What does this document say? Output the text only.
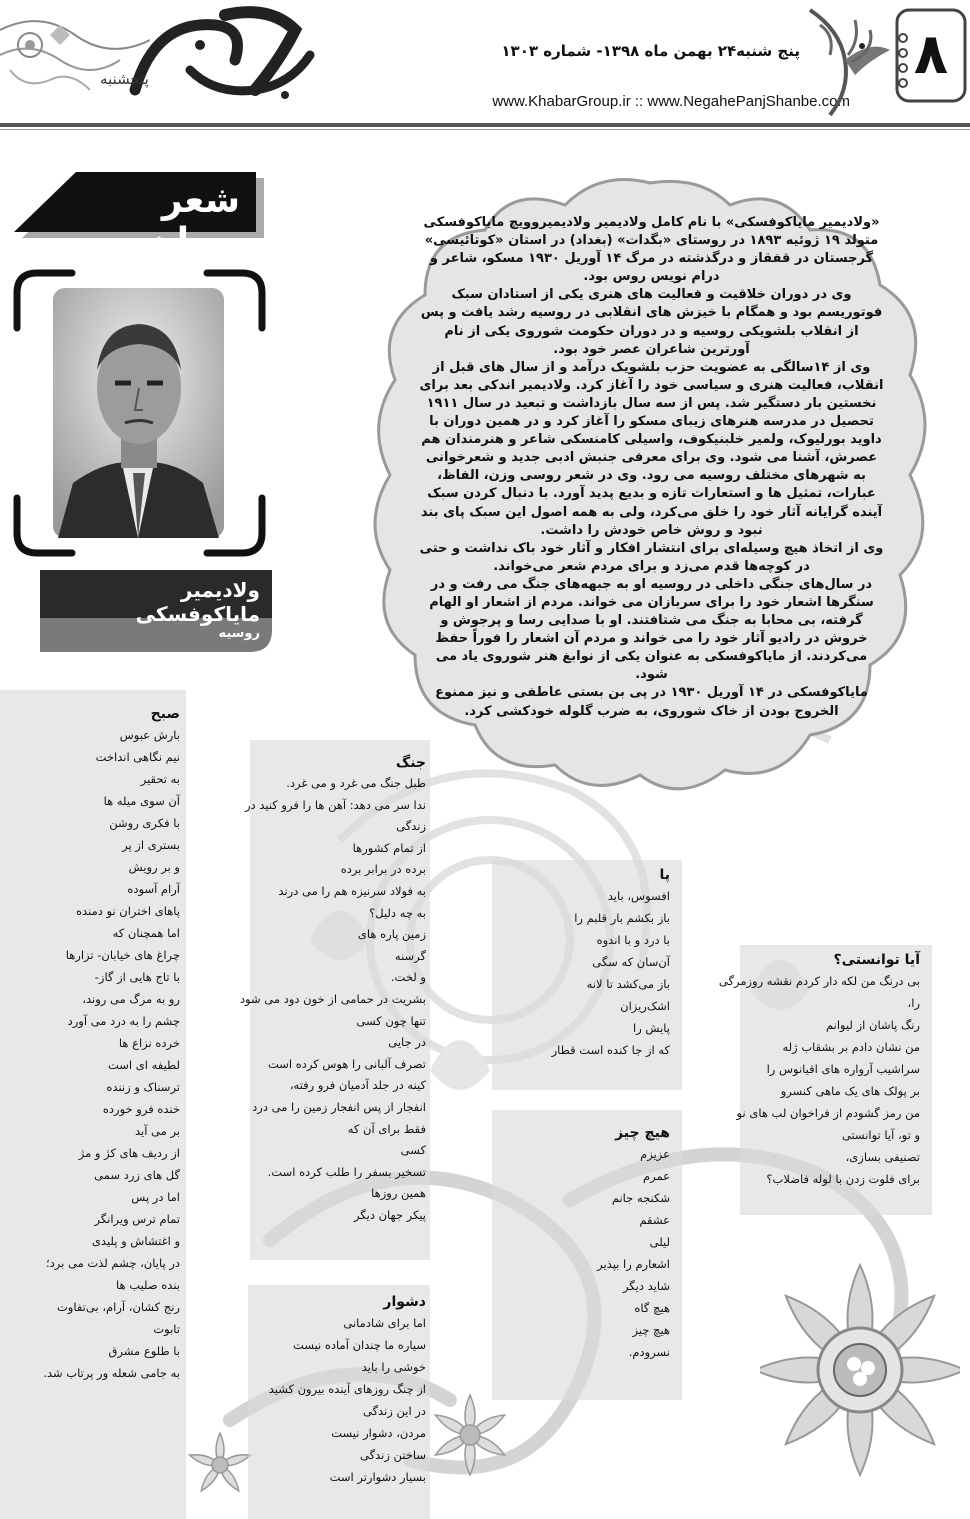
پنجشنبه
پنج شنبه۲۴ بهمن ماه ۱۳۹۸- شماره ۱۳۰۳
www.KhabarGroup.ir :: www.NegahePanjShanbe.com
۸
شعر جهان
ولادیمیر مایاکوفسکی
روسیه

«ولادیمیر مایاکوفسکی» با نام کامل ولادیمیر ولادیمیروویچ مایاکوفسکی متولد ۱۹ ژوئیه ۱۸۹۳ در روستای «بگدات» (بغداد) در استان «کوتائیسی» گرجستان در قفقاز و درگذشته در مرگ ۱۴ آوریل ۱۹۳۰ مسکو، شاعر و درام نویس روس بود.

وی در دوران خلاقیت و فعالیت های هنری یکی از استادان سبک فوتوریسم بود و همگام با خیزش های انقلابی در روسیه رشد یافت و پس از انقلاب بلشویکی روسیه و در دوران حکومت شوروی یکی از نام آورترین شاعران عصر خود بود.

وی از ۱۴سالگی به عضویت حزب بلشویک درآمد و از سال های قبل از انقلاب، فعالیت هنری و سیاسی خود را آغاز کرد. ولادیمیر اندکی بعد برای نخستین بار دستگیر شد. پس از سه سال بازداشت و تبعید در سال ۱۹۱۱ تحصیل در مدرسه هنرهای زیبای مسکو را آغاز کرد و در همین دوران با داوید بورلیوک، ولمیر خلبنیکوف، واسیلی کامنسکی شاعر و هنرمندان هم عصرش، آشنا می شود. وی برای معرفی جنبش ادبی جدید و شعرخوانی به شهرهای مختلف روسیه می رود. وی در شعر روسی وزن، الفاظ، عبارات، تمثیل ها و استعارات تازه و بدیع پدید آورد. با دنبال کردن سبک آینده گرایانه آثار خود را خلق می‌کرد، ولی به همه اصول این سبک پای بند نبود و روش خاص خودش را داشت.

وی از اتخاذ هیچ وسیله‌ای برای انتشار افکار و آثار خود باک نداشت و حتی در کوچه‌ها قدم می‌زد و برای مردم شعر می‌خواند.

در سال‌های جنگی داخلی در روسیه او به جبهه‌های جنگ می رفت و در سنگرها اشعار خود را برای سربازان می خواند. مردم از اشعار او الهام گرفته، بی محابا به جنگ می شتافتند. او با صدایی رسا و پرجوش و خروش در رادیو آثار خود را می خواند و مردم آن اشعار را فوراً حفظ می‌کردند. از مایاکوفسکی به عنوان یکی از نوابغ هنر شوروی یاد می شود.

مایاکوفسکی در ۱۴ آوریل ۱۹۳۰ در پی بن بستی عاطفی و نیز ممنوع الخروج بودن از خاک شوروی، به ضرب گلوله خودکشی کرد.

صبح
بارش عبوس
نیم نگاهی انداخت
به تحقیر
آن سوی میله ها
با فکری روشن
بستری از پر
و بر رویش
آرام آسوده
پاهای اختران نو دمنده
اما همچنان که
چراغ های خیابان- تزارها
با تاج هایی از گاز-
رو به مرگ می روند،
چشم را به درد می آورد
خرده نزاع ها
لطیفه ای است
ترسناک و زننده
خنده فرو خورده
بر می آید
از ردیف های کژ و مژ
گل های زرد سمی
اما در پس
تمام ترس ویرانگر
و اغتشاش و پلیدی
در پایان، چشم لذت می برد؛
بنده صلیب ها
رنج کشان، آرام، بی‌تفاوت
تابوت
با طلوع مشرق
به جامی شعله ور پرتاب شد.
جنگ
طبل جنگ می غرد و می غرد.
ندا سر می دهد: آهن ها را فرو کنید در
زندگی
از تمام کشورها
برده در برابر برده
به فولاد سرنیزه هم را می درند
به چه دلیل؟
زمین پاره های
گرسنه
و لخت.
بشریت در حمامی از خون دود می شود
تنها چون کسی
در جایی
تصرف آلبانی را هوس کرده است
کینه در جلد آدمیان فرو رفته،
انفجار از پس انفجار زمین را می درد
فقط برای آن که
کسی
تسخیر بسفر را طلب کرده است.
همین روزها
پیکر جهان دیگر
دشوار
اما برای شادمانی
سیاره ما چندان آماده نیست
خوشی را باید
از چنگ روزهای آینده بیرون کشید
در این زندگی
مردن، دشوار نیست
ساختن زندگی
بسیار دشوارتر است
پا
افسوس، باید
باز بکشم بار قلبم را
با درد و با اندوه
آن‌سان که سگی
باز می‌کشد تا لانه
اشک‌ریزان
پایش را
که از جا کنده است قطار
هیچ چیز
عزیزم
عمرم
شکنجه جانم
عشقم
لیلی
اشعارم را بپذیر
شاید دیگر
هیچ گاه
هیچ چیز
نسرودم.
آیا توانستی؟
بی درنگ من لکه دار کردم نقشه روزمرگی
را،
رنگ پاشان از لیوانم
من نشان دادم بر بشقاب ژله
سراشیب آرواره های اقیانوس را
بر پولک های یک ماهی کنسرو
من رمز گشودم از فراخوان لب های نو
و تو، آیا توانستی
تصنیفی بسازی،
برای فلوت زدن با لوله فاضلاب؟
